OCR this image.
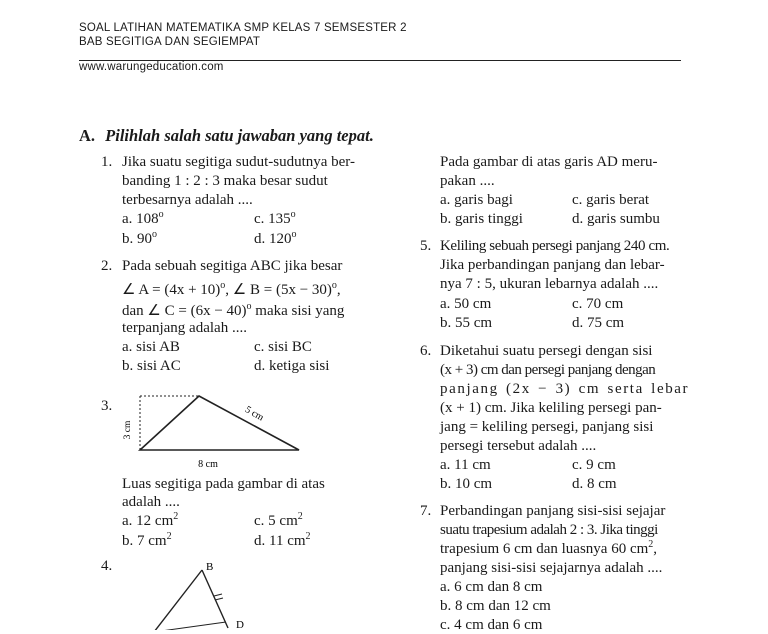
SOAL LATIHAN MATEMATIKA SMP KELAS 7 SEMSESTER 2
BAB SEGITIGA DAN SEGIEMPAT
www.warungeducation.com
A. Pilihlah salah satu jawaban yang tepat.
1. Jika suatu segitiga sudut-sudutnya ber-
banding 1 : 2 : 3 maka besar sudut
terbesarnya adalah ....
a. 108$^o$	c. 135$^o$
b. 90$^o$	d. 120$^o$
2. Pada sebuah segitiga ABC jika besar
∠ $A = (4x + 10)^o$, ∠ $B = (5x - 30)^o$,
dan ∠ $C = (6x - 40)^o$ maka sisi yang
terpanjang adalah ....
a. sisi AB	c. sisi BC
b. sisi AC	d. ketiga sisi
3.
3 cm
8 cm
5 cm
Luas segitiga pada gambar di atas
adalah ....
a. 12 $cm^2$	c. 5 $cm^2$
b. 7 $cm^2$	d. 11 $cm^2$
4.	B
D
Pada gambar di atas garis AD meru-
pakan ....
a. garis bagi	c. garis berat
b. garis tinggi	d. garis sumbu
5. Keliling sebuah persegi panjang 240 cm.
Jika perbandingan panjang dan lebar-
nya 7 : 5, ukuran lebarnya adalah ....
a. 50 cm	c. 70 cm
b. 55 cm	d. 75 cm
6. Diketahui suatu persegi dengan sisi
(x + 3) cm dan persegi panjang dengan
panjang (2x − 3) cm serta lebar
(x + 1) cm. Jika keliling persegi pan-
jang = keliling persegi, panjang sisi
persegi tersebut adalah ....
a. 11 cm	c. 9 cm
b. 10 cm	d. 8 cm
7. Perbandingan panjang sisi-sisi sejajar
suatu trapesium adalah 2 : 3. Jika tinggi
trapesium 6 cm dan luasnya 60 $cm^2$,
panjang sisi-sisi sejajarnya adalah ....
a. 6 cm dan 8 cm
b. 8 cm dan 12 cm
c. 4 cm dan 6 cm
